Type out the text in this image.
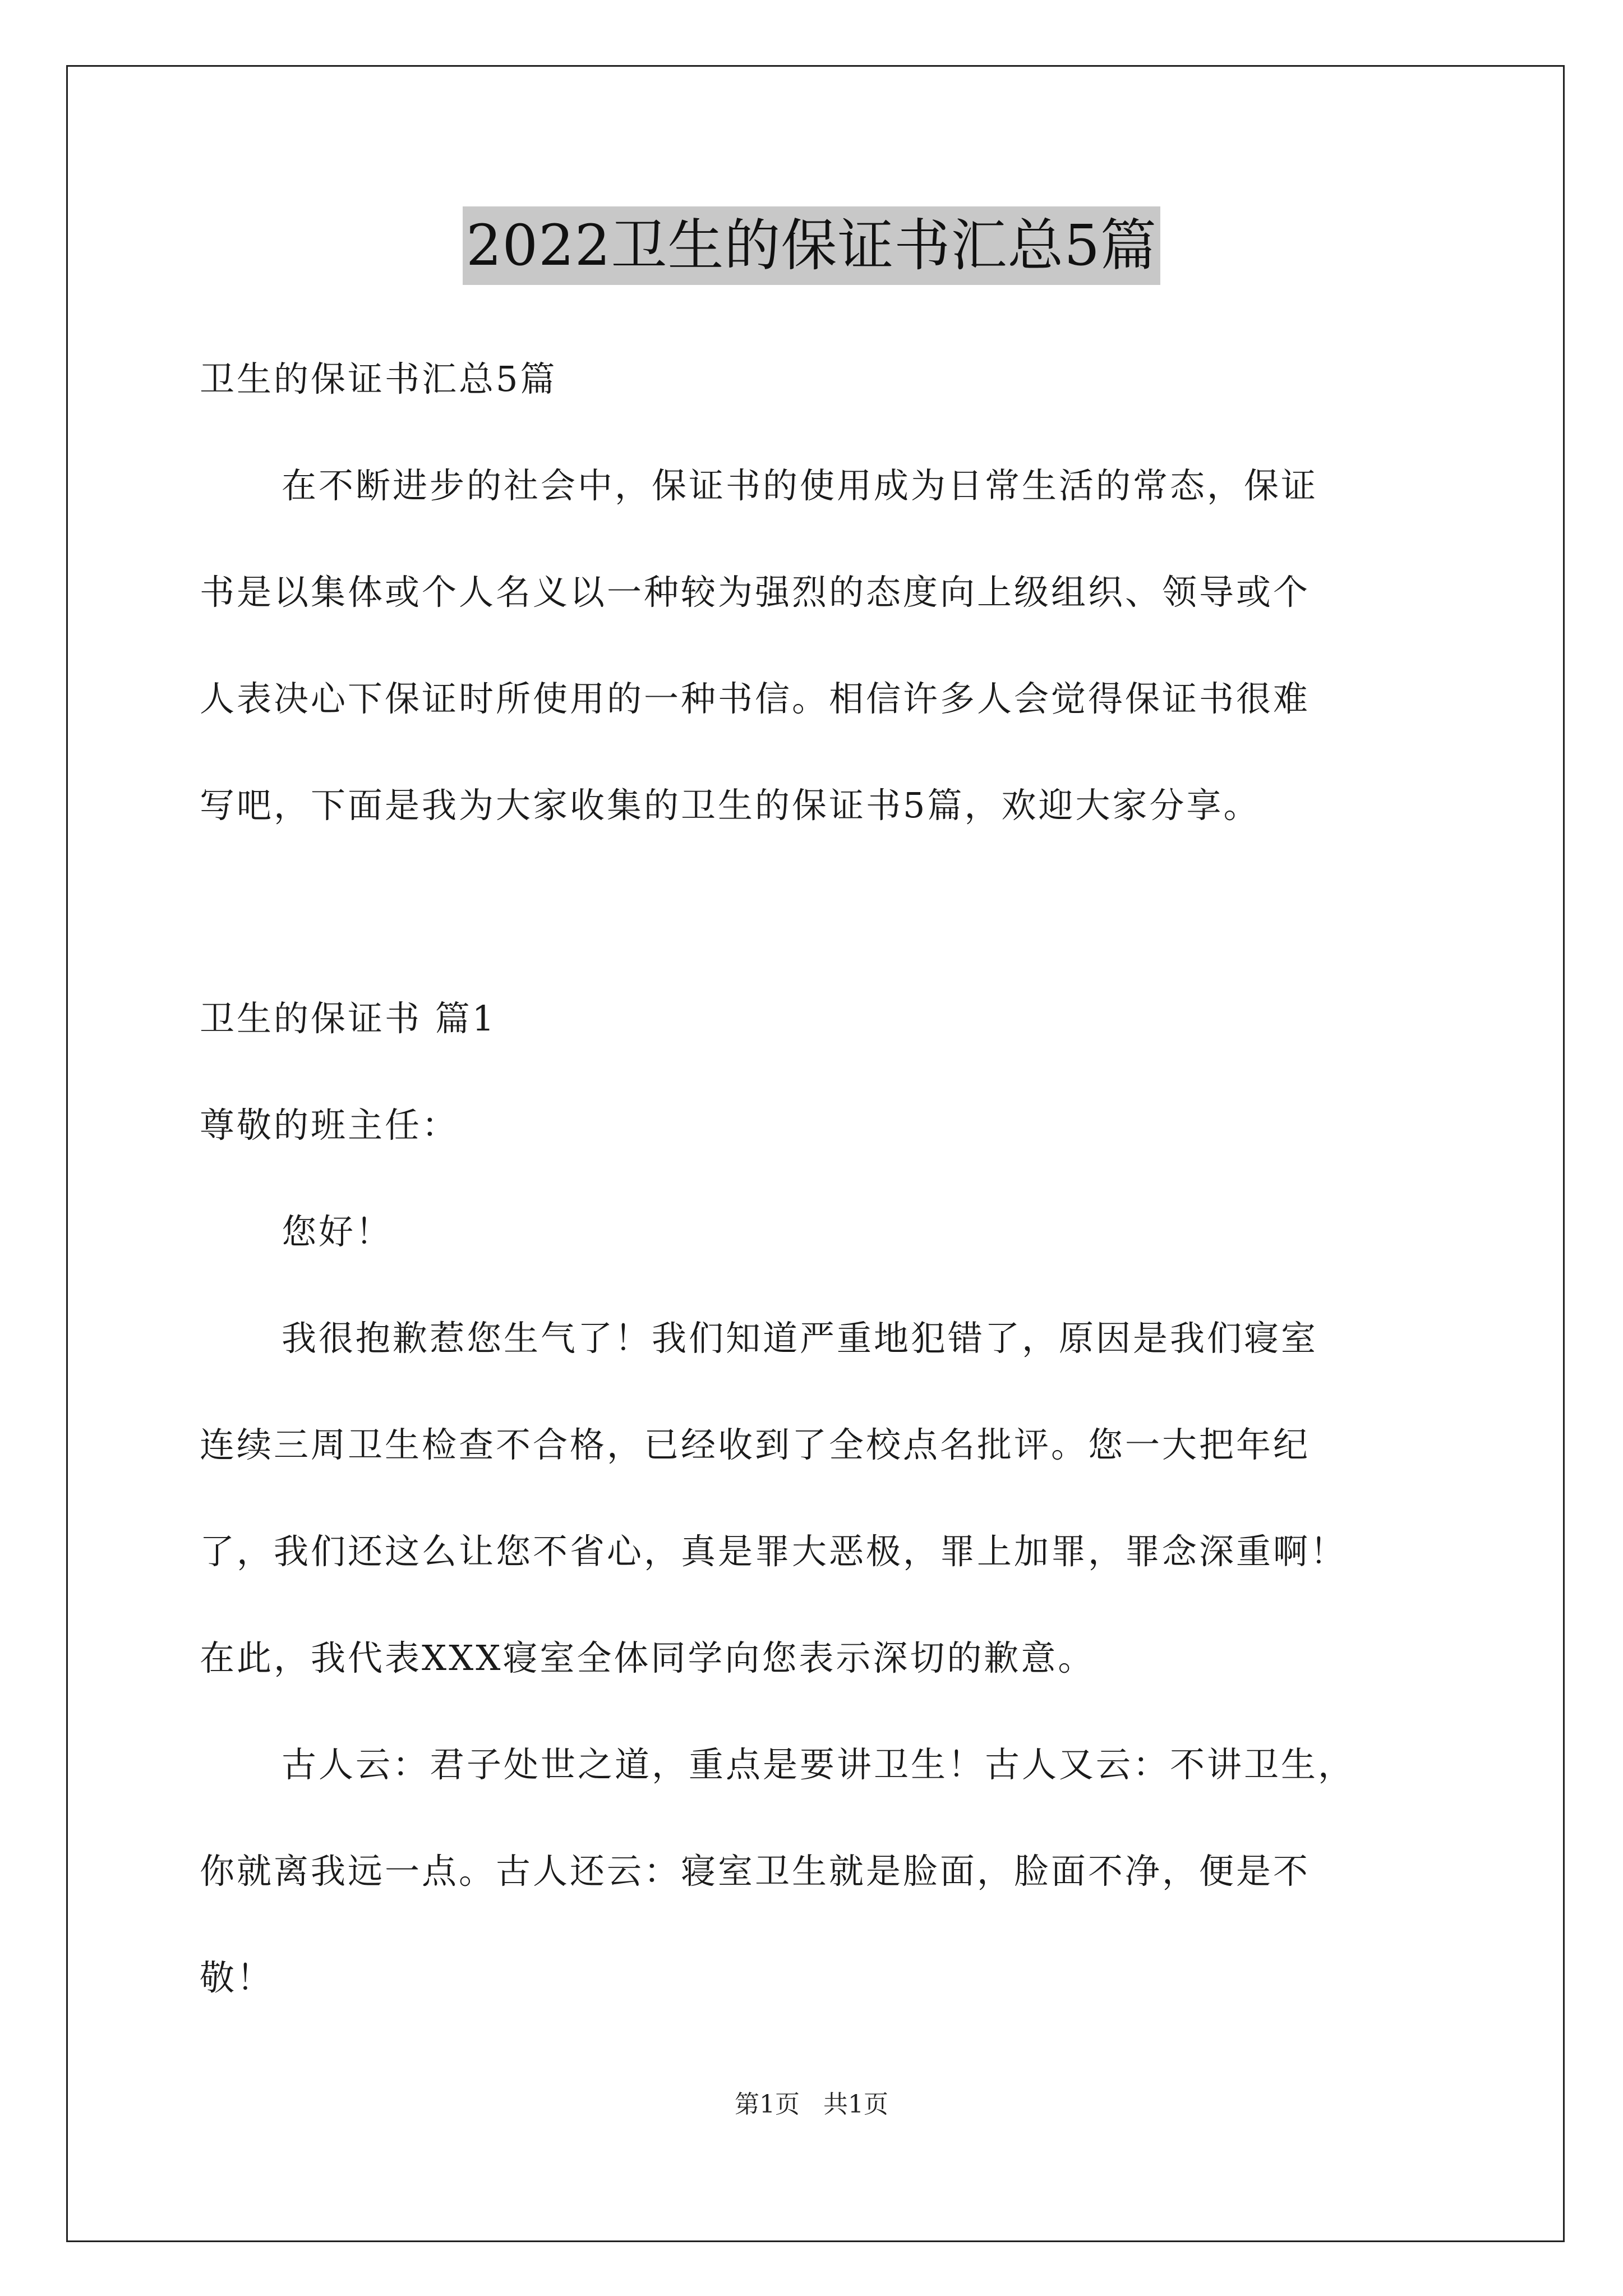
2022卫生的保证书汇总5篇
卫生的保证书汇总5篇
在不断进步的社会中，保证书的使用成为日常生活的常态，保证
书是以集体或个人名义以一种较为强烈的态度向上级组织、领导或个
人表决心下保证时所使用的一种书信。相信许多人会觉得保证书很难
写吧，下面是我为大家收集的卫生的保证书5篇，欢迎大家分享。
卫生的保证书 篇1
尊敬的班主任：
您好！
我很抱歉惹您生气了！我们知道严重地犯错了，原因是我们寝室
连续三周卫生检查不合格，已经收到了全校点名批评。您一大把年纪
了，我们还这么让您不省心，真是罪大恶极，罪上加罪，罪念深重啊！
在此，我代表XXX寝室全体同学向您表示深切的歉意。
古人云：君子处世之道，重点是要讲卫生！古人又云：不讲卫生，
你就离我远一点。古人还云：寝室卫生就是脸面，脸面不净，便是不
敬！
第1页 共1页
